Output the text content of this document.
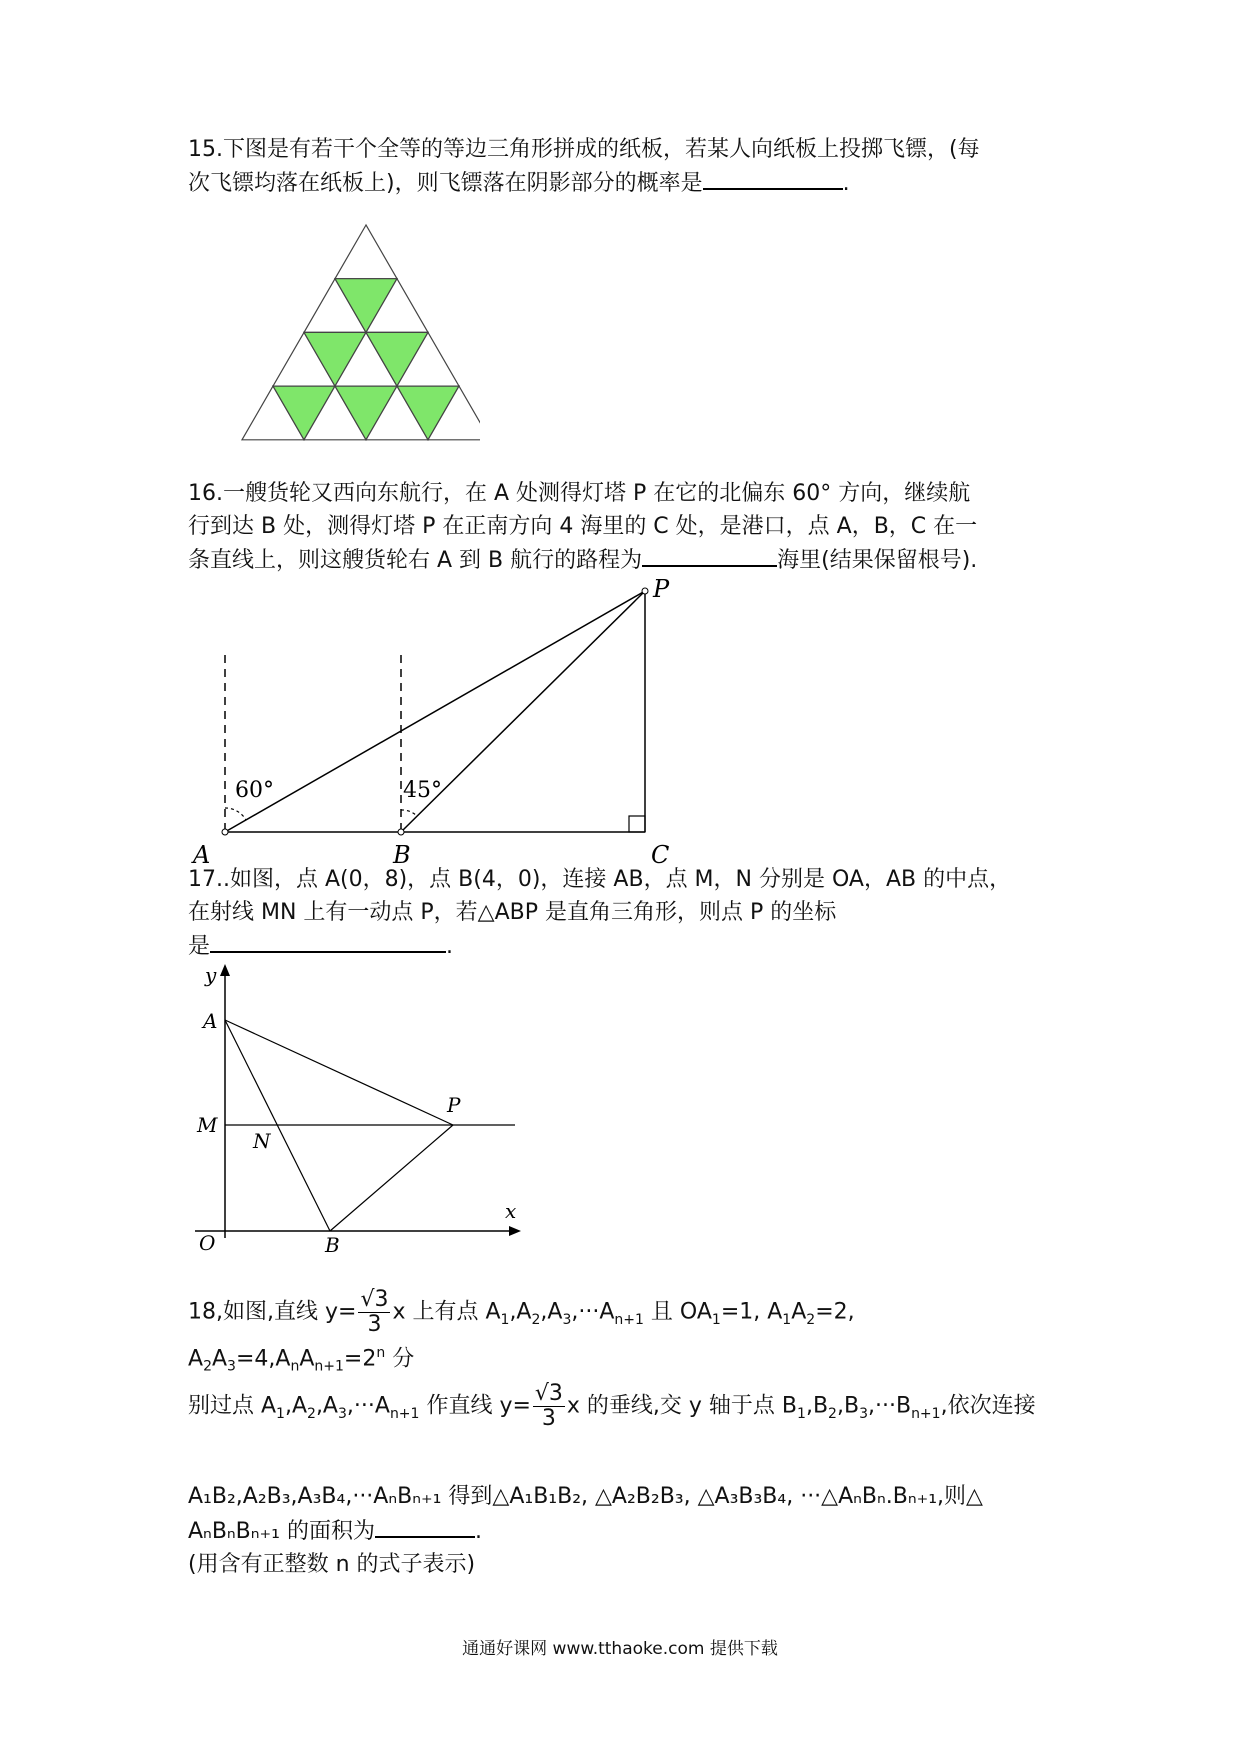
15.下图是有若干个全等的等边三角形拼成的纸板，若某人向纸板上投掷飞镖，(每
次飞镖均落在纸板上)，则飞镖落在阴影部分的概率是	.
16.一艘货轮又西向东航行，在 A 处测得灯塔 P 在它的北偏东 60° 方向，继续航
行到达 B 处，测得灯塔 P 在正南方向 4 海里的 C 处，是港口，点 A，B，C 在一
条直线上，则这艘货轮右 A 到 B 航行的路程为	海里(结果保留根号).
A	B	C
P
60°	45°
17..如图，点 A(0，8)，点 B(4，0)，连接 AB，点 M，N 分别是 OA，AB 的中点，
在射线 MN 上有一动点 P，若△ABP 是直角三角形，则点 P 的坐标
是	.
y
x
A
M
N
P
O	B
18,如图,直线 $y= \frac{√3}{3}$ x 上有点 $A_1,A_2,A_3,\cdot\cdot\cdot A_{n+1}$ 且 $OA_1=1$, $A_1A_2=2$, $A_2A_3=4,A_nA_{n+1}=2^n$ 分
别过点 $A_1,A_2,A_3,\cdot\cdot\cdot A_{n+1}$ 作直线 $y= \frac{√3}{3}$ x 的垂线,交 y 轴于点 $B_1,B_2,B_3,\cdot\cdot\cdot B_{n+1}$,依次连接
A₁B₂,A₂B₃,A₃B₄,···AₙBₙ₊₁ 得到△A₁B₁B₂, △A₂B₂B₃, △A₃B₃B₄, ···△AₙBₙ.Bₙ₊₁,则△
AₙBₙBₙ₊₁ 的面积为	.
(用含有正整数 n 的式子表示)
通通好课网 www.tthaoke.com 提供下载
